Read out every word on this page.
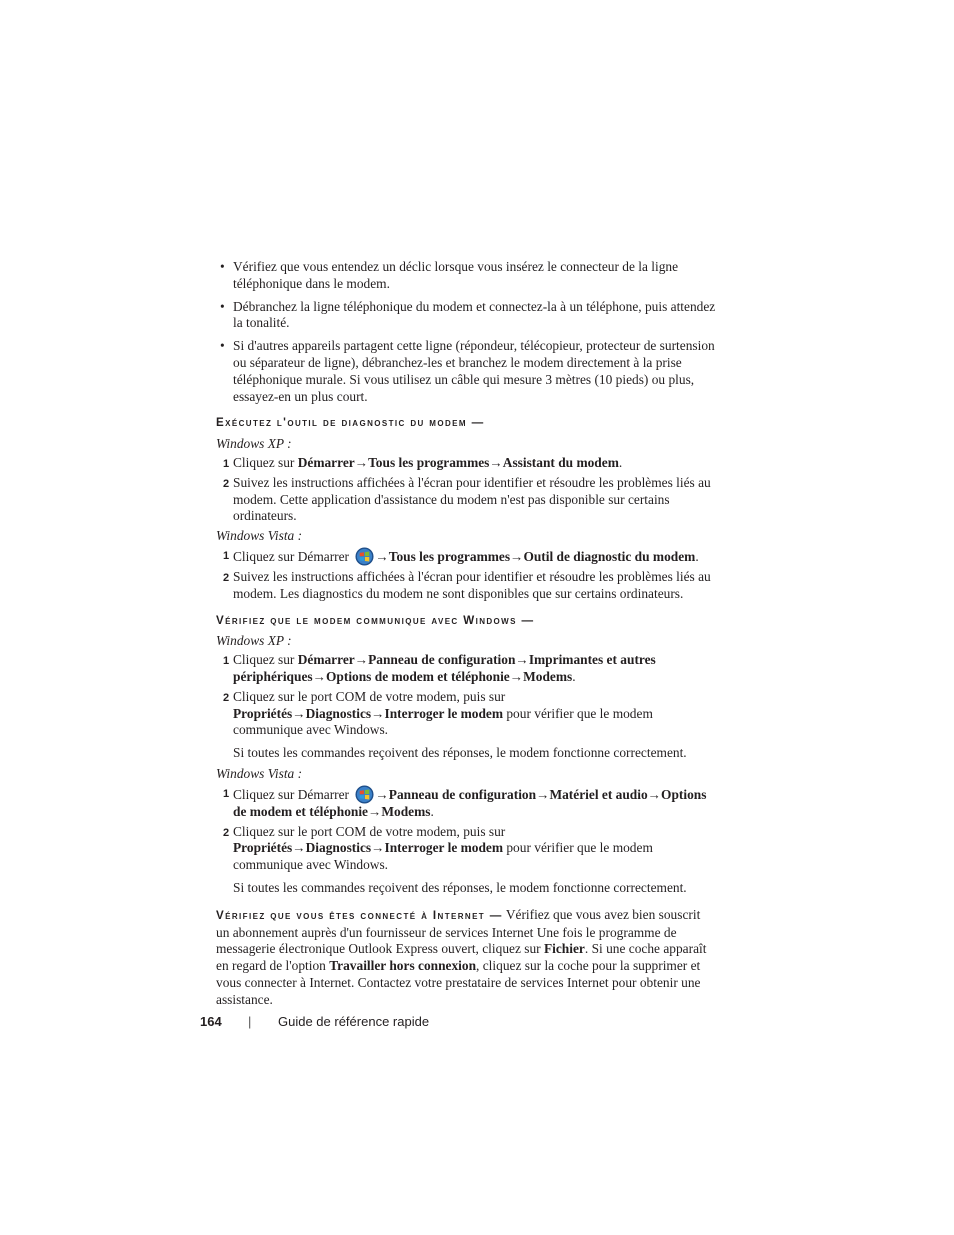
• Vérifiez que vous entendez un déclic lorsque vous insérez le connecteur de la ligne téléphonique dans le modem.
• Débranchez la ligne téléphonique du modem et connectez-la à un téléphone, puis attendez la tonalité.
• Si d'autres appareils partagent cette ligne (répondeur, télécopieur, protecteur de surtension ou séparateur de ligne), débranchez-les et branchez le modem directement à la prise téléphonique murale. Si vous utilisez un câble qui mesure 3 mètres (10 pieds) ou plus, essayez-en un plus court.
Exécutez l'outil de diagnostic du modem —
Windows XP :
1 Cliquez sur Démarrer→Tous les programmes→Assistant du modem.
2 Suivez les instructions affichées à l'écran pour identifier et résoudre les problèmes liés au modem. Cette application d'assistance du modem n'est pas disponible sur certains ordinateurs.
Windows Vista :
1 Cliquez sur Démarrer →Tous les programmes→Outil de diagnostic du modem.
2 Suivez les instructions affichées à l'écran pour identifier et résoudre les problèmes liés au modem. Les diagnostics du modem ne sont disponibles que sur certains ordinateurs.
Vérifiez que le modem communique avec Windows —
Windows XP :
1 Cliquez sur Démarrer→Panneau de configuration→Imprimantes et autres périphériques→Options de modem et téléphonie→Modems.
2 Cliquez sur le port COM de votre modem, puis sur Propriétés→Diagnostics→Interroger le modem pour vérifier que le modem communique avec Windows.
Si toutes les commandes reçoivent des réponses, le modem fonctionne correctement.
Windows Vista :
1 Cliquez sur Démarrer →Panneau de configuration→Matériel et audio→Options de modem et téléphonie→Modems.
2 Cliquez sur le port COM de votre modem, puis sur Propriétés→Diagnostics→Interroger le modem pour vérifier que le modem communique avec Windows.
Si toutes les commandes reçoivent des réponses, le modem fonctionne correctement.

Vérifiez que vous êtes connecté à Internet — Vérifiez que vous avez bien souscrit un abonnement auprès d'un fournisseur de services Internet Une fois le programme de messagerie électronique Outlook Express ouvert, cliquez sur Fichier. Si une coche apparaît en regard de l'option Travailler hors connexion, cliquez sur la coche pour la supprimer et vous connecter à Internet. Contactez votre prestataire de services Internet pour obtenir une assistance.

164 | Guide de référence rapide
